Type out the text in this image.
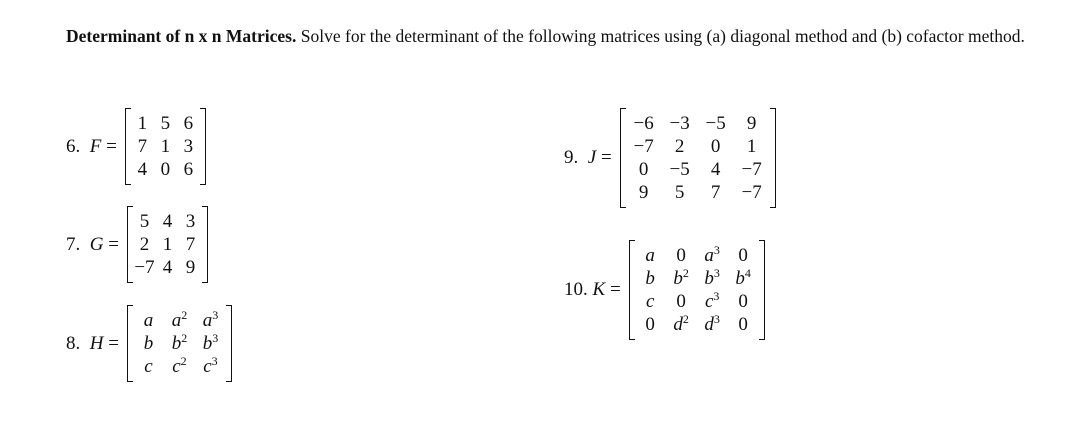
Determinant of n x n Matrices. Solve for the determinant of the following matrices using (a) diagonal method and (b) cofactor method.
6. F =
1	5	6
7	1	3
4	0	6
7. G =
5	4	3
2	1	7
−7	4	9
8. H =
a	$a^2$	$a^3$
b	$b^2$	$b^3$
c	$c^2$	$c^3$
9. J =
−6	−3	−5	9
−7	2	0	1
0	−5	4	−7
9	5	7	−7
10. K =
a	0	$a^3$	0
b	$b^2$	$b^3$	$b^4$
c	0	$c^3$	0
0	$d^2$	$d^3$	0
